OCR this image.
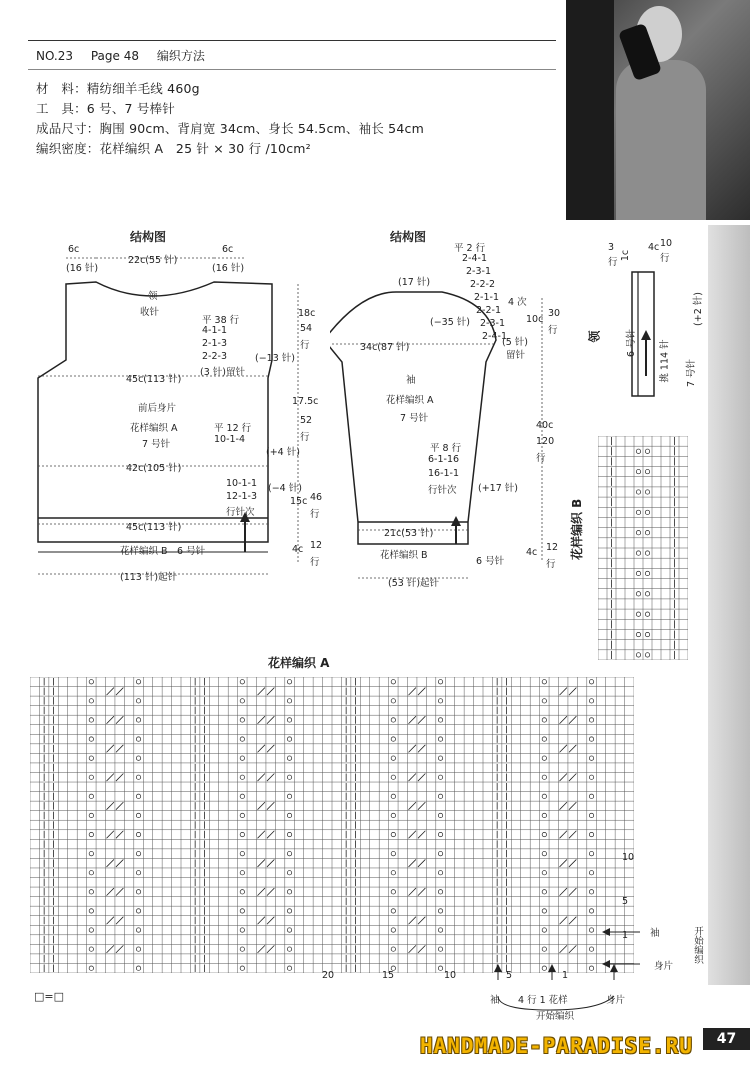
NO.23 Page 48 编织方法
材　料：精纺细羊毛线 460g
工　具：6 号、7 号棒针
成品尺寸：胸围 90cm、背肩宽 34cm、身长 54.5cm、袖长 54cm
编织密度：花样编织 A　25 针 × 30 行 /10cm²
结构图
6c
(16 针)
22c(55 针)
6c
(16 针)
领
收针
平 38 行
4-1-1
2-1-3
2-2-3
(3 针)留针
(−13 针)
45c(113 针)
前后身片
花样编织 A
7 号针
平 12 行
10-1-4
(+4 针)
42c(105 针)
10-1-1
12-1-3
行针次
(−4 针)
45c(113 针)
花样编织 B　6 号针
(113 针)起针
18c
54
行
17.5c
52
行
15c 46
行
4c 12
行
结构图
平 2 行
2-4-1
2-3-1
2-2-2
2-1-1
2-2-1
2-3-1
2-4-1
4 次
(17 针)
(−35 针)
34c(87 针)
10c
30
行
(5 针)
留针
袖
花样编织 A
7 号针
平 8 行
6-1-16
16-1-1
行针次 (+17 针)
40c
120
行
21c(53 针)
花样编织 B
6 号针
4c 12
行
(53 针)起针
1c
3
行
6 号针
4c 10
行
挑 114 针
(+2 针)
7 号针
领
花样编织 B
花样编织 A
10
5
1
20	15	10	5	1
袖
身片
开始编织
袖 4 行 1 花样	身片
开始编织
□=□
HANDMADE-PARADISE.RU	47
